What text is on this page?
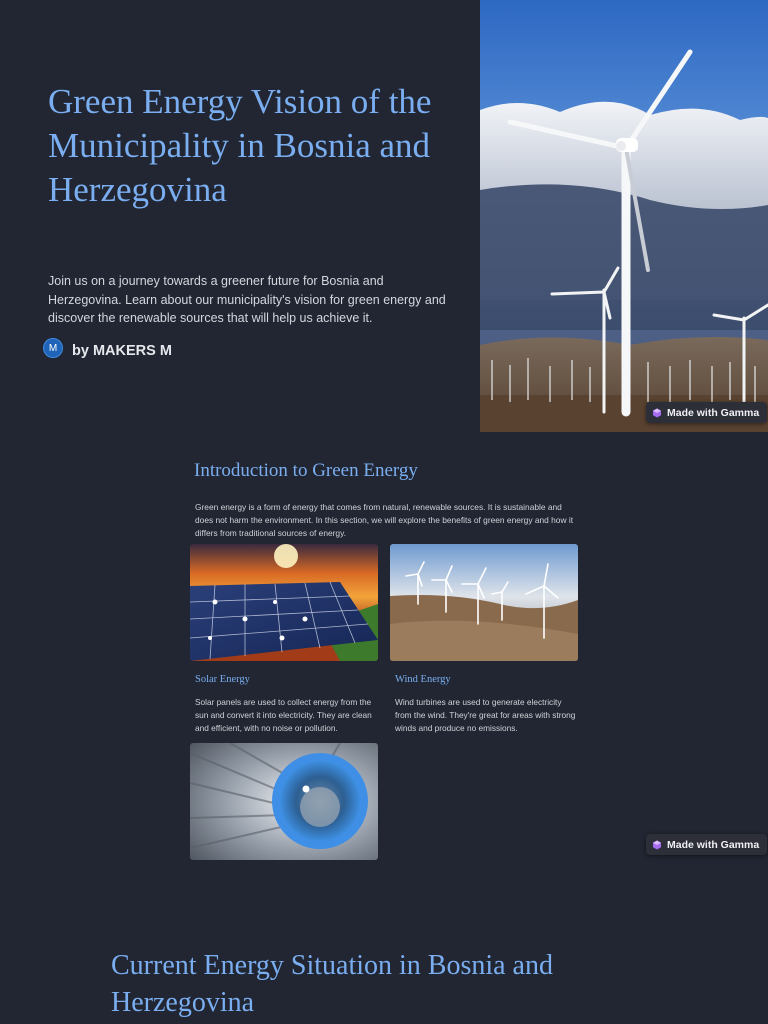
Green Energy Vision of the Municipality in Bosnia and Herzegovina

Join us on a journey towards a greener future for Bosnia and Herzegovina. Learn about our municipality's vision for green energy and discover the renewable sources that will help us achieve it.

M	by MAKERS M
Made with Gamma
Introduction to Green Energy

Green energy is a form of energy that comes from natural, renewable sources. It is sustainable and does not harm the environment. In this section, we will explore the benefits of green energy and how it differs from traditional sources of energy.

Solar Energy

Solar panels are used to collect energy from the sun and convert it into electricity. They are clean and efficient, with no noise or pollution.

Wind Energy

Wind turbines are used to generate electricity from the wind. They're great for areas with strong winds and produce no emissions.

Made with Gamma
Current Energy Situation in Bosnia and Herzegovina
